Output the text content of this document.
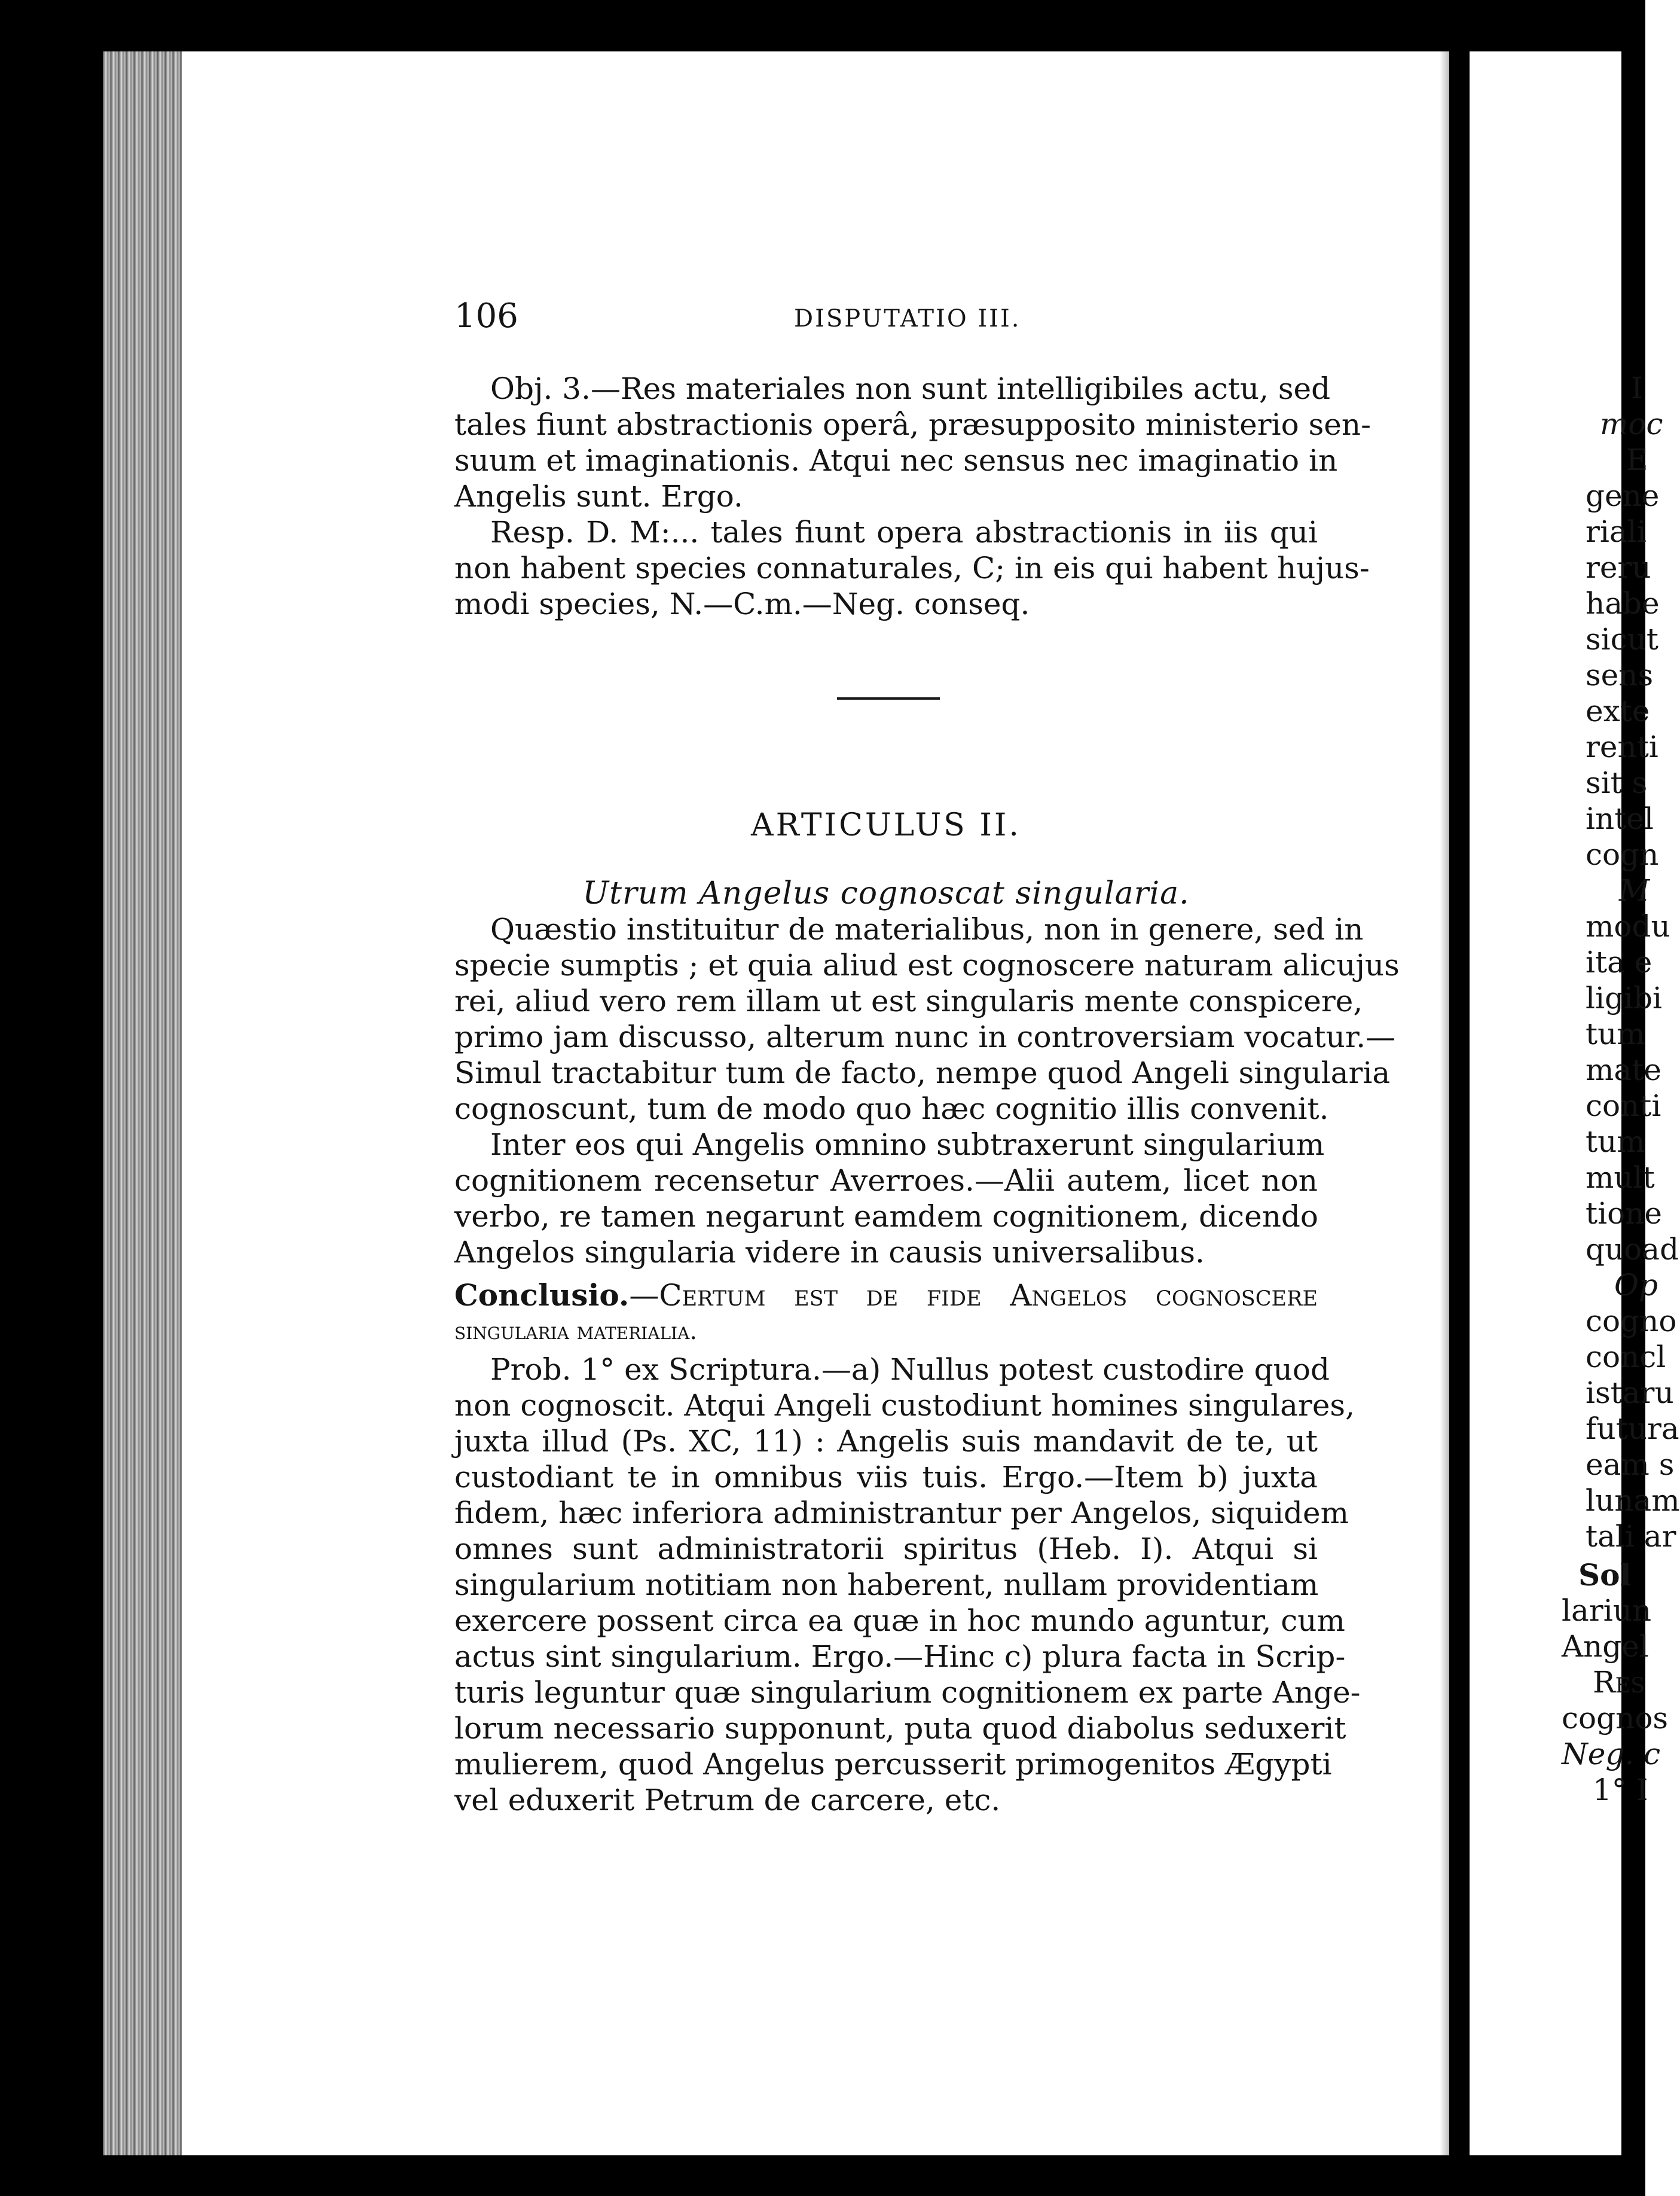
106	DISPUTATIO III.
Obj. 3.—Res materiales non sunt intelligibiles actu, sed
tales fiunt abstractionis operâ, præsupposito ministerio sen-
suum et imaginationis. Atqui nec sensus nec imaginatio in
Angelis sunt. Ergo.
Resp. D. M:... tales fiunt opera abstractionis in iis qui
non habent species connaturales, C; in eis qui habent hujus-
modi species, N.—C.m.—Neg. conseq.
ARTICULUS II.
Utrum Angelus cognoscat singularia.
Quæstio instituitur de materialibus, non in genere, sed in
specie sumptis ; et quia aliud est cognoscere naturam alicujus
rei, aliud vero rem illam ut est singularis mente conspicere,
primo jam discusso, alterum nunc in controversiam vocatur.—
Simul tractabitur tum de facto, nempe quod Angeli singularia
cognoscunt, tum de modo quo hæc cognitio illis convenit.
Inter eos qui Angelis omnino subtraxerunt singularium
cognitionem recensetur Averroes.—Alii autem, licet non
verbo, re tamen negarunt eamdem cognitionem, dicendo
Angelos singularia videre in causis universalibus.
Conclusio.—Certum est de fide Angelos cognoscere
singularia materialia.
Prob. 1° ex Scriptura.—a) Nullus potest custodire quod
non cognoscit. Atqui Angeli custodiunt homines singulares,
juxta illud (Ps. XC, 11) : Angelis suis mandavit de te, ut
custodiant te in omnibus viis tuis. Ergo.—Item b) juxta
fidem, hæc inferiora administrantur per Angelos, siquidem
omnes sunt administratorii spiritus (Heb. I). Atqui si
singularium notitiam non haberent, nullam providentiam
exercere possent circa ea quæ in hoc mundo aguntur, cum
actus sint singularium. Ergo.—Hinc c) plura facta in Scrip-
turis leguntur quæ singularium cognitionem ex parte Ange-
lorum necessario supponunt, puta quod diabolus seduxerit
mulierem, quod Angelus percusserit primogenitos Ægypti
vel eduxerit Petrum de carcere, etc.
I
moc
E
gene
riali
reru
habe
sicut
sens
exte
renti
sit s
intel
cogn
M
modu
ita e
ligibi
tum
mate
conti
tum
mult
tione
quoad
Op
cogno
concl
istaru
futura
eam s
lunam
tali ar
Sol
lariun
Angel
Res
cognos
Neg. c
1° I
